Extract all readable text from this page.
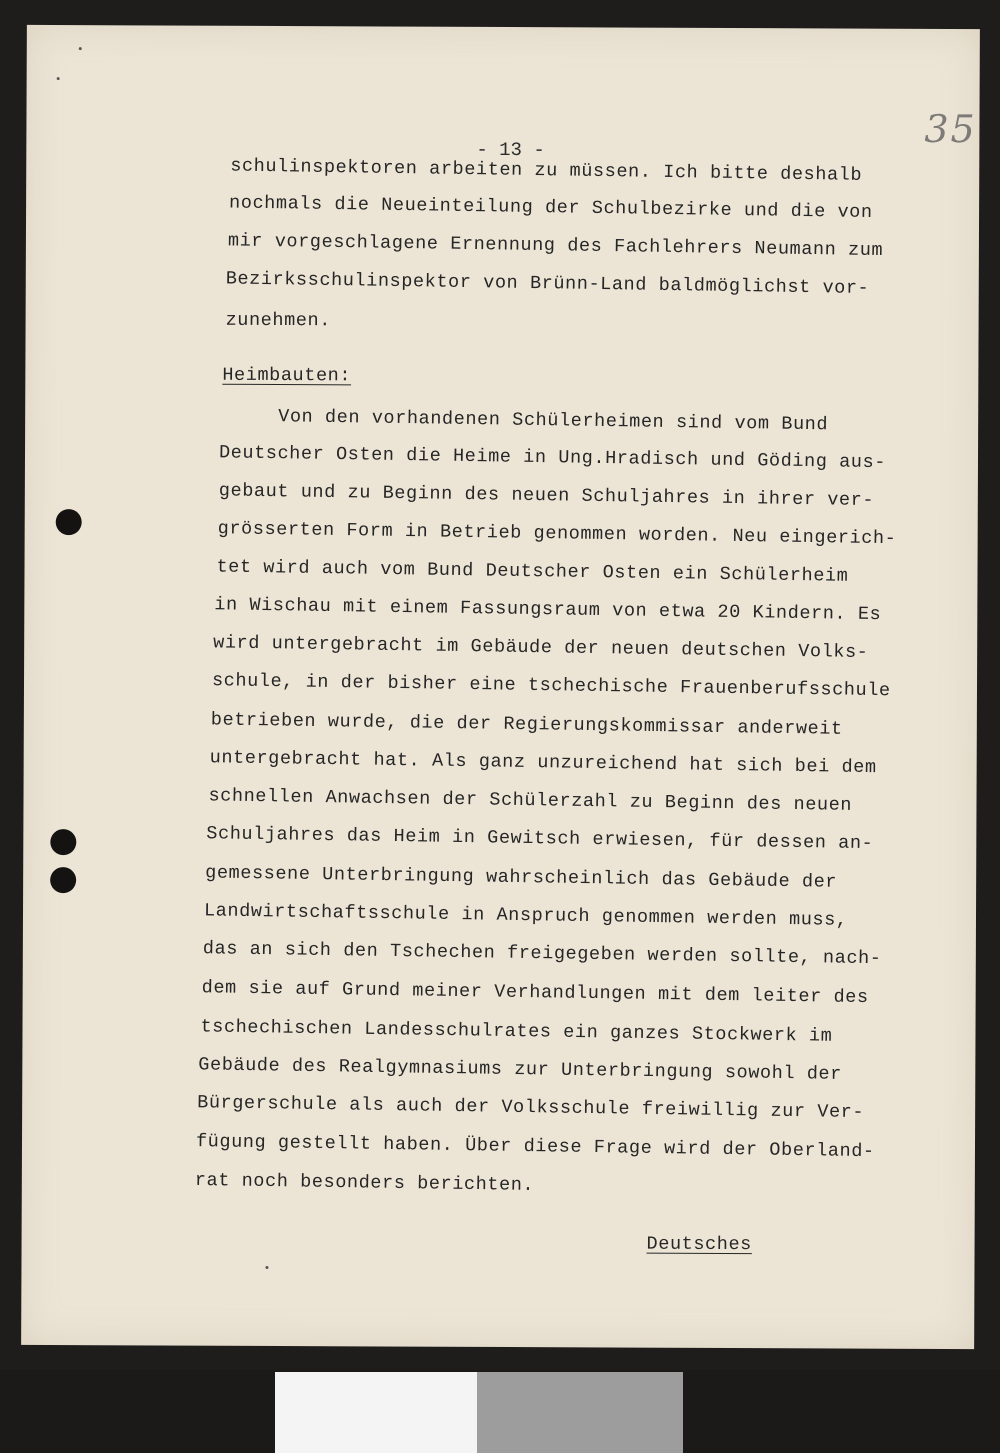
- 13 -	35
schulinspektoren arbeiten zu müssen. Ich bitte deshalb
nochmals die Neueinteilung der Schulbezirke und die von
mir vorgeschlagene Ernennung des Fachlehrers Neumann zum
Bezirksschulinspektor von Brünn-Land baldmöglichst vor-
zunehmen.
Heimbauten:
Von den vorhandenen Schülerheimen sind vom Bund
Deutscher Osten die Heime in Ung.Hradisch und Göding aus-
gebaut und zu Beginn des neuen Schuljahres in ihrer ver-
grösserten Form in Betrieb genommen worden. Neu eingerich-
tet wird auch vom Bund Deutscher Osten ein Schülerheim
in Wischau mit einem Fassungsraum von etwa 20 Kindern. Es
wird untergebracht im Gebäude der neuen deutschen Volks-
schule, in der bisher eine tschechische Frauenberufsschule
betrieben wurde, die der Regierungskommissar anderweit
untergebracht hat. Als ganz unzureichend hat sich bei dem
schnellen Anwachsen der Schülerzahl zu Beginn des neuen
Schuljahres das Heim in Gewitsch erwiesen, für dessen an-
gemessene Unterbringung wahrscheinlich das Gebäude der
Landwirtschaftsschule in Anspruch genommen werden muss,
das an sich den Tschechen freigegeben werden sollte, nach-
dem sie auf Grund meiner Verhandlungen mit dem leiter des
tschechischen Landesschulrates ein ganzes Stockwerk im
Gebäude des Realgymnasiums zur Unterbringung sowohl der
Bürgerschule als auch der Volksschule freiwillig zur Ver-
fügung gestellt haben. Über diese Frage wird der Oberland-
rat noch besonders berichten.
Deutsches
